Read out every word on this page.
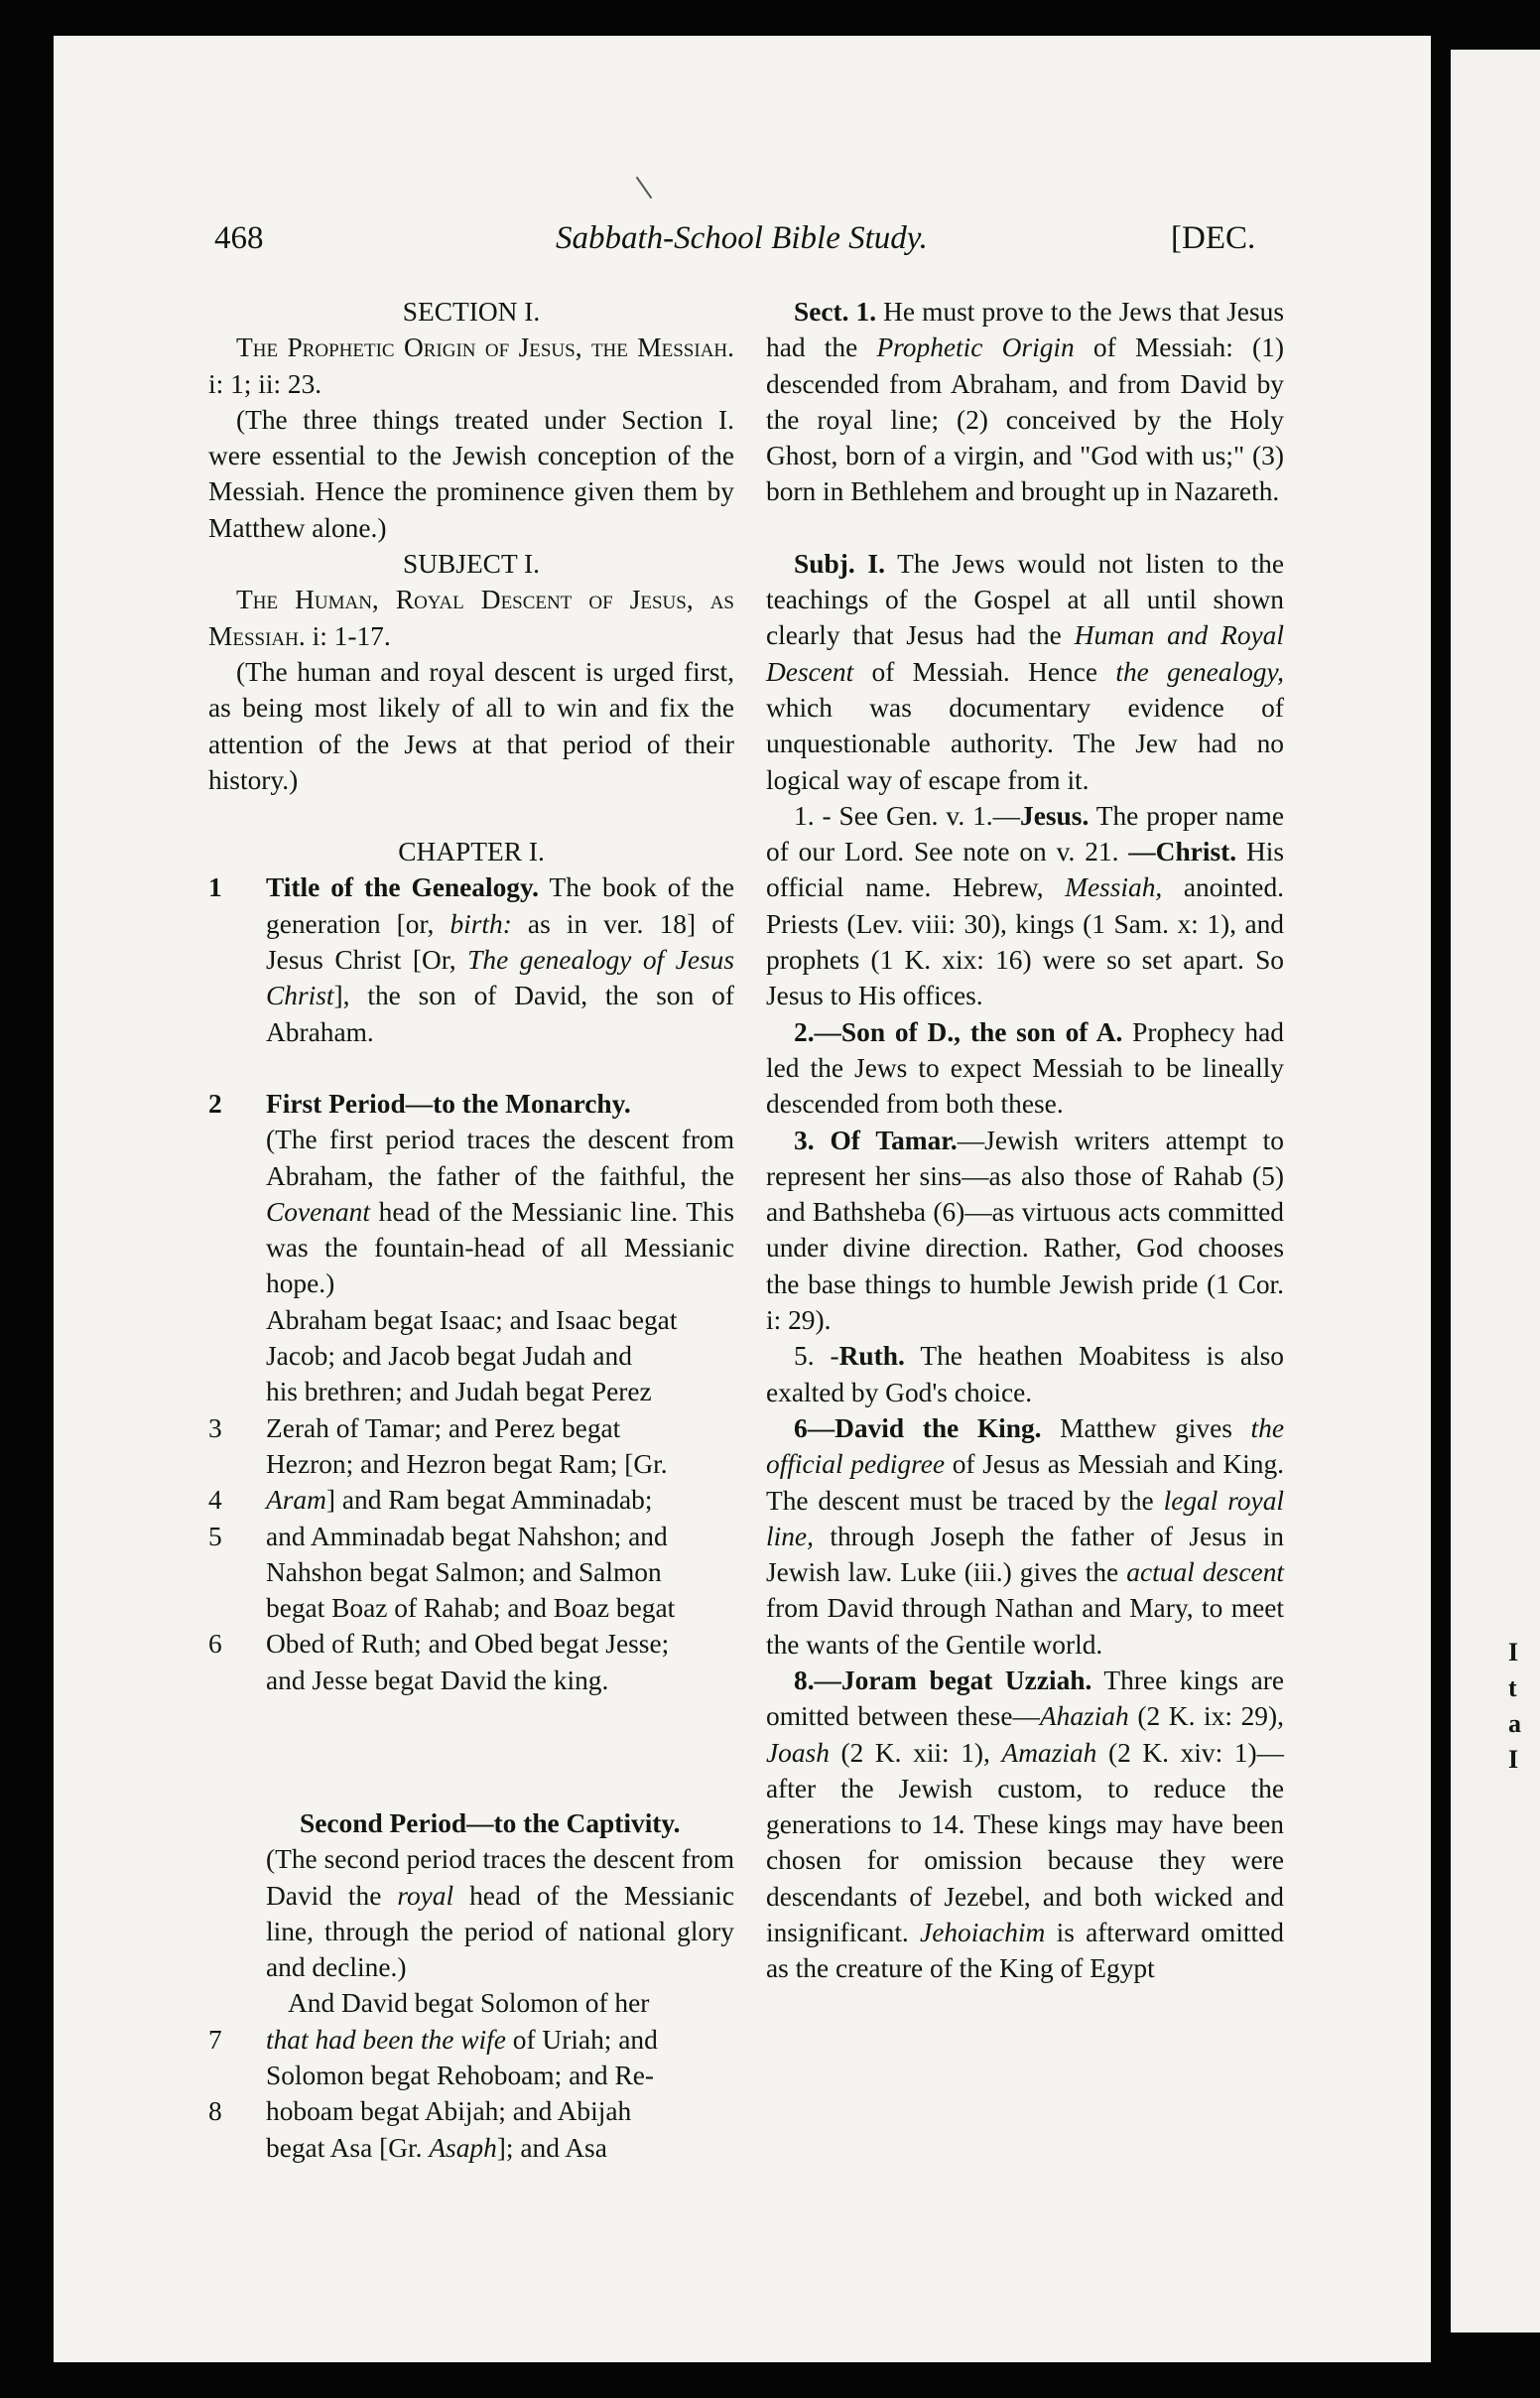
I
t
a
I
468	Sabbath-School Bible Study.	[DEC.

SECTION I.

The Prophetic Origin of Jesus, the Messiah. i: 1; ii: 23.

(The three things treated under Section I. were essential to the Jewish conception of the Messiah. Hence the prominence given them by Matthew alone.)

SUBJECT I.

The Human, Royal Descent of Jesus, as Messiah. i: 1-17.

(The human and royal descent is urged first, as being most likely of all to win and fix the attention of the Jews at that period of their history.)

CHAPTER I.

1	Title of the Genealogy. The book of the generation [or, birth: as in ver. 18] of Jesus Christ [Or, The genealogy of Jesus Christ], the son of David, the son of Abraham.

2	First Period—to the Monarchy.

(The first period traces the descent from Abraham, the father of the faithful, the Covenant head of the Messianic line. This was the fountain-head of all Messianic hope.)

Abraham begat Isaac; and Isaac begat

Jacob; and Jacob begat Judah and

his brethren; and Judah begat Perez

3	Zerah of Tamar; and Perez begat

Hezron; and Hezron begat Ram; [Gr.

4	Aram] and Ram begat Amminadab;

5	and Amminadab begat Nahshon; and

Nahshon begat Salmon; and Salmon

begat Boaz of Rahab; and Boaz begat

6	Obed of Ruth; and Obed begat Jesse;

and Jesse begat David the king.

Second Period—to the Captivity.

(The second period traces the descent from David the royal head of the Messianic line, through the period of national glory and decline.)

And David begat Solomon of her

7	that had been the wife of Uriah; and

Solomon begat Rehoboam; and Re-

8	hoboam begat Abijah; and Abijah

begat Asa [Gr. Asaph]; and Asa

Sect. 1. He must prove to the Jews that Jesus had the Prophetic Origin of Messiah: (1) descended from Abraham, and from David by the royal line; (2) conceived by the Holy Ghost, born of a virgin, and "God with us;" (3) born in Bethlehem and brought up in Nazareth.

Subj. I. The Jews would not listen to the teachings of the Gospel at all until shown clearly that Jesus had the Human and Royal Descent of Messiah. Hence the genealogy, which was documentary evidence of unquestionable authority. The Jew had no logical way of escape from it.

1. - See Gen. v. 1.—Jesus. The proper name of our Lord. See note on v. 21. —Christ. His official name. Hebrew, Messiah, anointed. Priests (Lev. viii: 30), kings (1 Sam. x: 1), and prophets (1 K. xix: 16) were so set apart. So Jesus to His offices.

2.—Son of D., the son of A. Prophecy had led the Jews to expect Messiah to be lineally descended from both these.

3. Of Tamar.—Jewish writers attempt to represent her sins—as also those of Rahab (5) and Bathsheba (6)—as virtuous acts committed under divine direction. Rather, God chooses the base things to humble Jewish pride (1 Cor. i: 29).

5. -Ruth. The heathen Moabitess is also exalted by God's choice.

6—David the King. Matthew gives the official pedigree of Jesus as Messiah and King. The descent must be traced by the legal royal line, through Joseph the father of Jesus in Jewish law. Luke (iii.) gives the actual descent from David through Nathan and Mary, to meet the wants of the Gentile world.

8.—Joram begat Uzziah. Three kings are omitted between these—Ahaziah (2 K. ix: 29), Joash (2 K. xii: 1), Amaziah (2 K. xiv: 1)—after the Jewish custom, to reduce the generations to 14. These kings may have been chosen for omission because they were descendants of Jezebel, and both wicked and insignificant. Jehoiachim is afterward omitted as the creature of the King of Egypt
